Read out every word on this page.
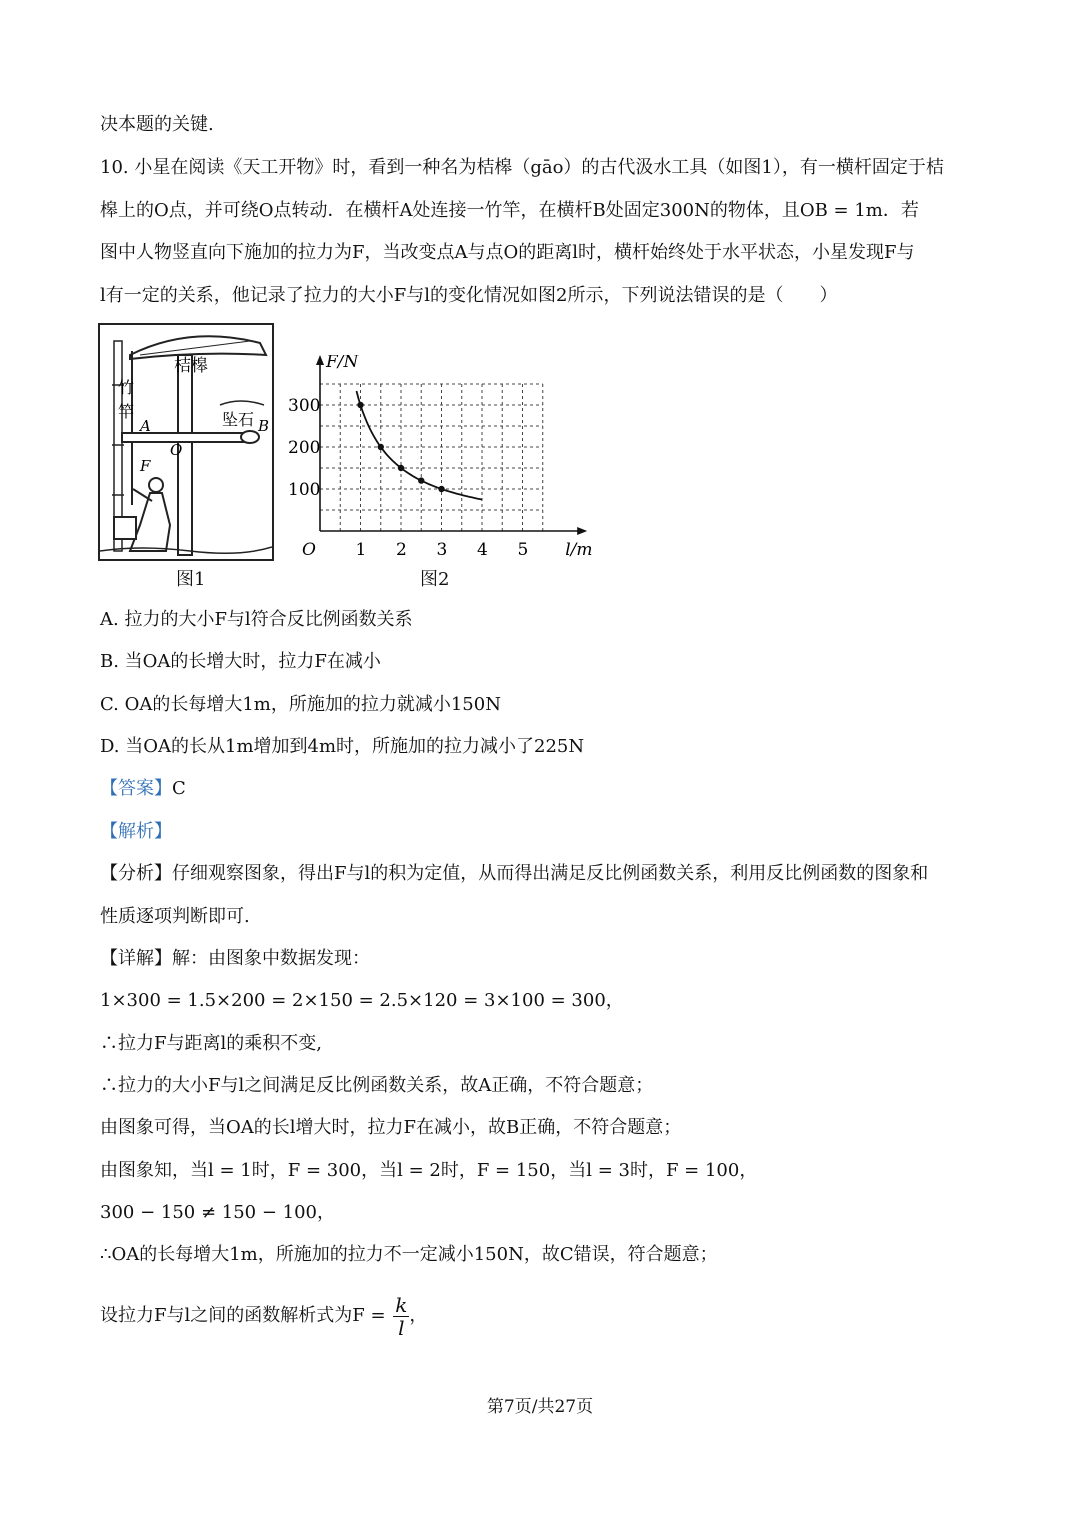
决本题的关键.
10. 小星在阅读《天工开物》时，看到一种名为桔槔（gāo）的古代汲水工具（如图1），有一横杆固定于桔
槔上的O点，并可绕O点转动．在横杆A处连接一竹竿，在横杆B处固定300N的物体，且OB = 1m．若
图中人物竖直向下施加的拉力为F，当改变点A与点O的距离l时，横杆始终处于水平状态，小星发现F与
l有一定的关系，他记录了拉力的大小F与l的变化情况如图2所示，下列说法错误的是（　　）
桔槔
竹
竿	坠石
A
O
B
F
图1
1 2 3 4 5
100
200
300
F/N
l/m
O
图2
A. 拉力的大小F与l符合反比例函数关系
B. 当OA的长增大时，拉力F在减小
C. OA的长每增大1m，所施加的拉力就减小150N
D. 当OA的长从1m增加到4m时，所施加的拉力减小了225N
【答案】C
【解析】
【分析】仔细观察图象，得出F与l的积为定值，从而得出满足反比例函数关系，利用反比例函数的图象和
性质逐项判断即可.
【详解】解：由图象中数据发现：
1×300 = 1.5×200 = 2×150 = 2.5×120 = 3×100 = 300，
∴拉力F与距离l的乘积不变,
∴拉力的大小F与l之间满足反比例函数关系，故A正确，不符合题意；
由图象可得，当OA的长l增大时，拉力F在减小，故B正确，不符合题意；
由图象知，当l = 1时，F = 300，当l = 2时，F = 150，当l = 3时，F = 100，
300 − 150 ≠ 150 − 100，
∴OA的长每增大1m，所施加的拉力不一定减小150N，故C错误，符合题意；
设拉力F与l之间的函数解析式为$F = \frac{k}{l}$ ，
第7页/共27页
